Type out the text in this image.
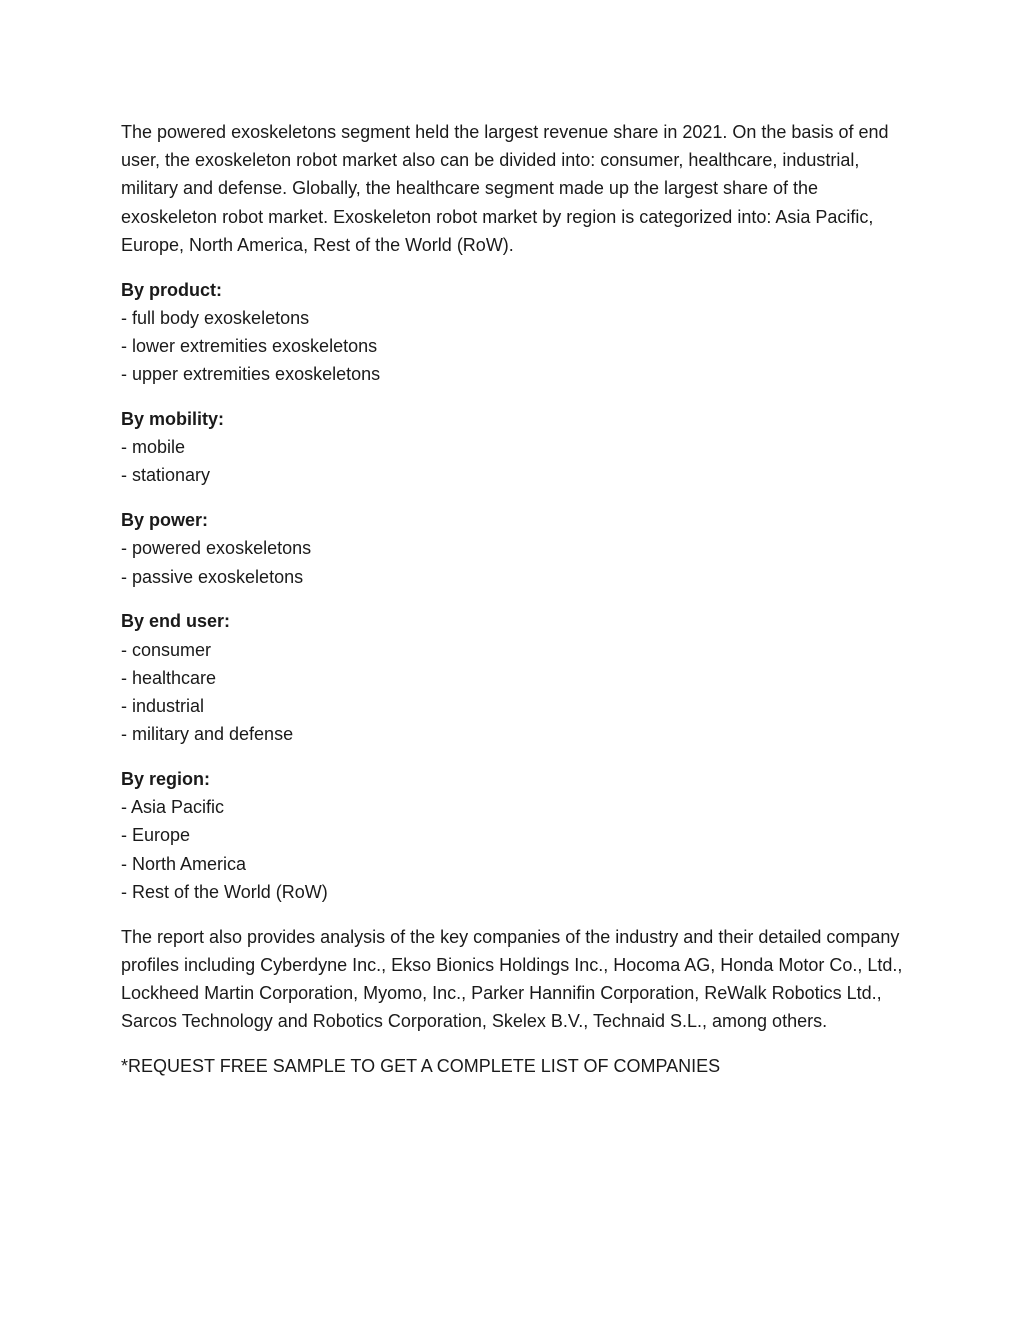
The powered exoskeletons segment held the largest revenue share in 2021. On the basis of end user, the exoskeleton robot market also can be divided into: consumer, healthcare, industrial, military and defense. Globally, the healthcare segment made up the largest share of the exoskeleton robot market. Exoskeleton robot market by region is categorized into: Asia Pacific, Europe, North America, Rest of the World (RoW).

By product:
- full body exoskeletons
- lower extremities exoskeletons
- upper extremities exoskeletons
By mobility:
- mobile
- stationary
By power:
- powered exoskeletons
- passive exoskeletons
By end user:
- consumer
- healthcare
- industrial
- military and defense
By region:
- Asia Pacific
- Europe
- North America
- Rest of the World (RoW)

The report also provides analysis of the key companies of the industry and their detailed company profiles including Cyberdyne Inc., Ekso Bionics Holdings Inc., Hocoma AG, Honda Motor Co., Ltd., Lockheed Martin Corporation, Myomo, Inc., Parker Hannifin Corporation, ReWalk Robotics Ltd., Sarcos Technology and Robotics Corporation, Skelex B.V., Technaid S.L., among others.

*REQUEST FREE SAMPLE TO GET A COMPLETE LIST OF COMPANIES
